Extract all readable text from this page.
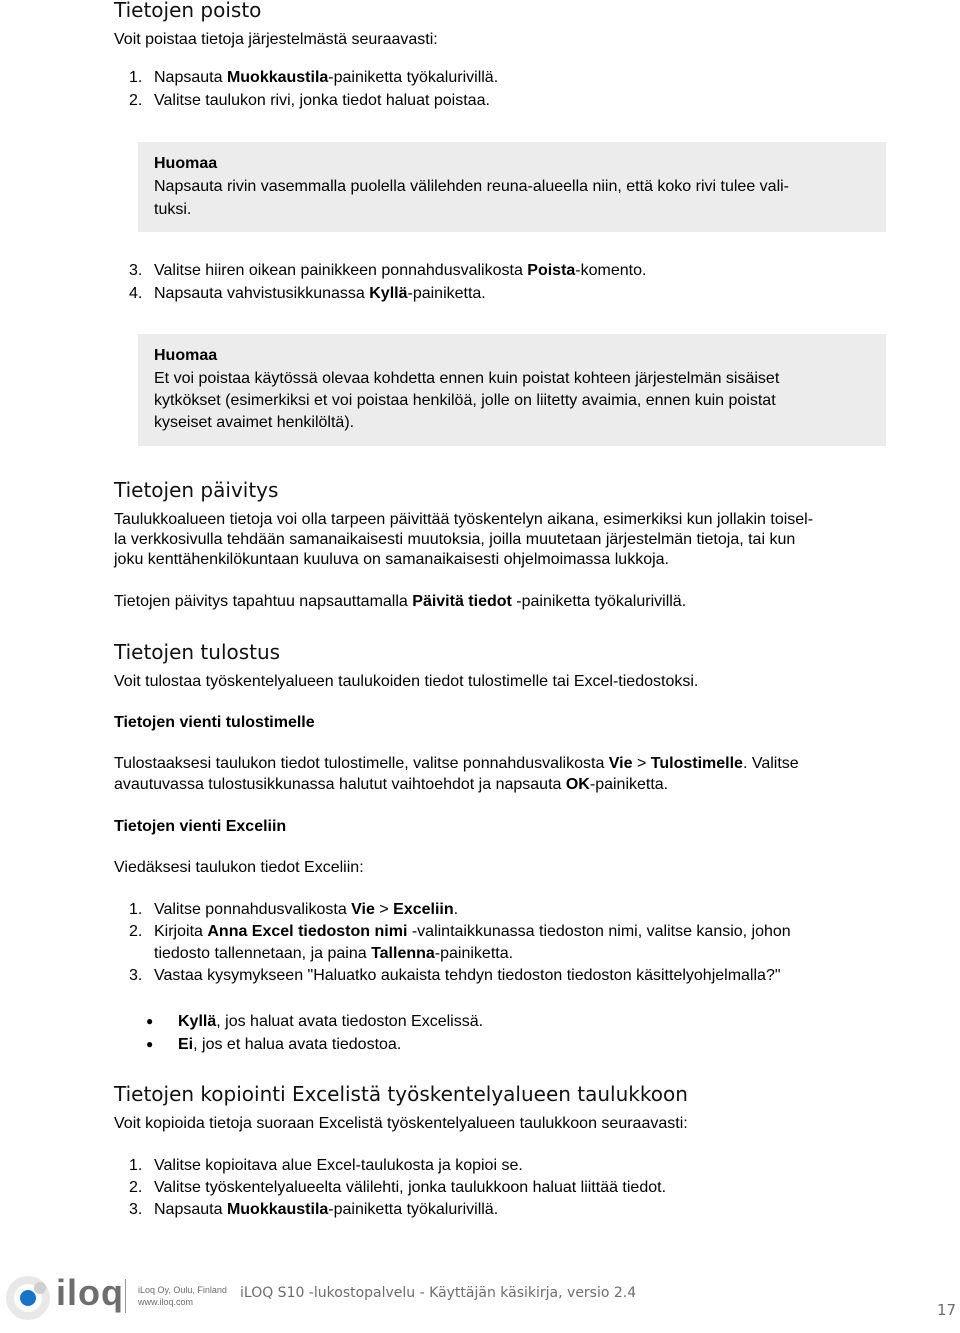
Tietojen poisto
Voit poistaa tietoja järjestelmästä seuraavasti:
1. Napsauta Muokkaustila-painiketta työkalurivillä.
2. Valitse taulukon rivi, jonka tiedot haluat poistaa.
Huomaa
Napsauta rivin vasemmalla puolella välilehden reuna-alueella niin, että koko rivi tulee vali-
tuksi.
3. Valitse hiiren oikean painikkeen ponnahdusvalikosta Poista-komento.
4. Napsauta vahvistusikkunassa Kyllä-painiketta.
Huomaa
Et voi poistaa käytössä olevaa kohdetta ennen kuin poistat kohteen järjestelmän sisäiset
kytkökset (esimerkiksi et voi poistaa henkilöä, jolle on liitetty avaimia, ennen kuin poistat
kyseiset avaimet henkilöltä).
Tietojen päivitys
Taulukkoalueen tietoja voi olla tarpeen päivittää työskentelyn aikana, esimerkiksi kun jollakin toisel-
la verkkosivulla tehdään samanaikaisesti muutoksia, joilla muutetaan järjestelmän tietoja, tai kun
joku kenttähenkilökuntaan kuuluva on samanaikaisesti ohjelmoimassa lukkoja.
Tietojen päivitys tapahtuu napsauttamalla Päivitä tiedot -painiketta työkalurivillä.
Tietojen tulostus
Voit tulostaa työskentelyalueen taulukoiden tiedot tulostimelle tai Excel-tiedostoksi.
Tietojen vienti tulostimelle
Tulostaaksesi taulukon tiedot tulostimelle, valitse ponnahdusvalikosta Vie > Tulostimelle. Valitse
avautuvassa tulostusikkunassa halutut vaihtoehdot ja napsauta OK-painiketta.
Tietojen vienti Exceliin
Viedäksesi taulukon tiedot Exceliin:
1. Valitse ponnahdusvalikosta Vie > Exceliin.
2. Kirjoita Anna Excel tiedoston nimi -valintaikkunassa tiedoston nimi, valitse kansio, johon
tiedosto tallennetaan, ja paina Tallenna-painiketta.
3. Vastaa kysymykseen "Haluatko aukaista tehdyn tiedoston tiedoston käsittelyohjelmalla?"
● Kyllä, jos haluat avata tiedoston Excelissä.
● Ei, jos et halua avata tiedostoa.
Tietojen kopiointi Excelistä työskentelyalueen taulukkoon
Voit kopioida tietoja suoraan Excelistä työskentelyalueen taulukkoon seuraavasti:
1. Valitse kopioitava alue Excel-taulukosta ja kopioi se.
2. Valitse työskentelyalueelta välilehti, jonka taulukkoon haluat liittää tiedot.
3. Napsauta Muokkaustila-painiketta työkalurivillä.
iloq iLoq Oy, Oulu, Finland
www.iloq.com
iLOQ S10 -lukostopalvelu - Käyttäjän käsikirja, versio 2.4
17
